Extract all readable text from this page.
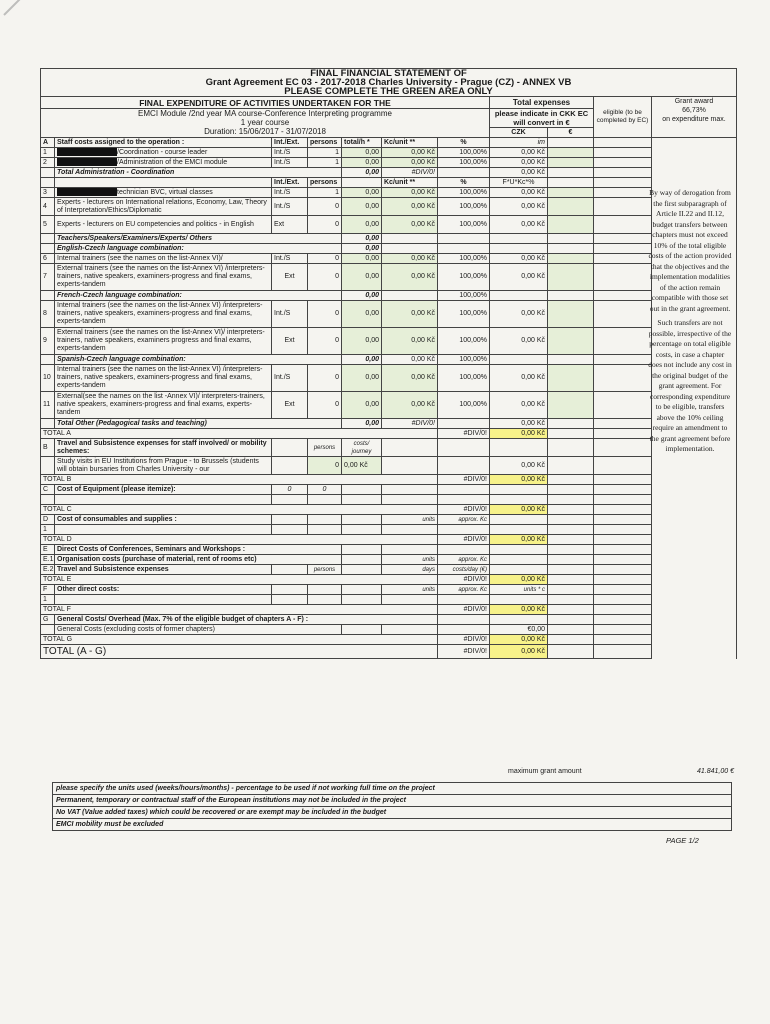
FINAL FINANCIAL STATEMENT OF										
Grant Agreement EC 03 - 2017-2018 Charles University - Prague (CZ) - ANNEX VB										
PLEASE COMPLETE THE GREEN AREA ONLY										
FINAL EXPENDITURE OF ACTIVITIES UNDERTAKEN FOR THE							Total expenses		eligible (to be completed by EC)	Grant award
66,73%
on expenditure max.

EMCI Module /2nd year MA course-Conference Interpreting programme							please indicate in CKK EC will convert in €			
1 year course										
Duration: 15/06/2017 - 31/07/2018							CZK	€		
A	Staff costs assigned to the operation :	Int./Ext.	persons	total/h *	Kc/unit **	%	im			
1	/Coordination - course leader	Int./S	1	0,00	0,00 Kč	100,00%	0,00 Kč			
2	/Administration of the EMCI module	Int./S	1	0,00	0,00 Kč	100,00%	0,00 Kč			
	Total Administration - Coordination			0,00	#DIV/0!		0,00 Kč			
		Int./Ext.	persons		Kc/unit **	%	F*U*Kc*%			
3	technician BVC, virtual classes	Int./S	1	0,00	0,00 Kč	100,00%	0,00 Kč			
4	Experts - lecturers on International relations, Economy, Law, Theory of Interpretation/Ethics/Diplomatic	Int./S	0	0,00	0,00 Kč	100,00%	0,00 Kč			
5	Experts - lecturers on EU competencies and politics - in English	Ext	0	0,00	0,00 Kč	100,00%	0,00 Kč			
	Teachers/Speakers/Examiners/Experts/ Others			0,00						
	English-Czech language combination:			0,00						
6	Internal trainers (see the names on the list-Annex VI)/	Int./S	0	0,00	0,00 Kč	100,00%	0,00 Kč			
7	External trainers (see the names on the list-Annex VI) /interpreters-trainers, native speakers, examiners-progress and final exams, experts-tandem	Ext	0	0,00	0,00 Kč	100,00%	0,00 Kč			
	French-Czech language combination:			0,00		100,00%				
8	Internal trainers (see the names on the list-Annex VI) /interpreters-trainers, native speakers, examiners-progress and final exams, experts-tandem	Int./S	0	0,00	0,00 Kč	100,00%	0,00 Kč			
9	External trainers (see the names on the list-Annex VI)/ interpreters-trainers, native speakers, examiners progress and final exams, experts-tandem	Ext	0	0,00	0,00 Kč	100,00%	0,00 Kč			
	Spanish-Czech language combination:			0,00	0,00 Kč	100,00%				
10	Internal trainers (see the names on the list-Annex VI) /interpreters-trainers, native speakers, examiners-progress and final exams, experts-tandem	Int./S	0	0,00	0,00 Kč	100,00%	0,00 Kč			
11	External(see the names on the list -Annex VI)/ interpreters-trainers, native speakers, examiners-progress and final exams, experts-tandem	Ext	0	0,00	0,00 Kč	100,00%	0,00 Kč			
	Total Other (Pedagogical tasks and teaching)			0,00	#DIV/0!		0,00 Kč			
TOTAL A						#DIV/0!	0,00 Kč			
B	Travel and Subsistence expenses for staff involved/ or mobility schemes:		persons	costs/ journey						
	Study visits in EU Institutions from Prague - to Brussels (students will obtain bursaries from Charles University - our		0	0,00 Kč			0,00 Kč			
TOTAL B						#DIV/0!	0,00 Kč			
C	Cost of Equipment (please itemize):	0	0							

TOTAL C						#DIV/0!	0,00 Kč			
D	Cost of consumables and supplies :				units	approx. Kc				
1										
TOTAL D						#DIV/0!	0,00 Kč			
E	Direct Costs of Conferences, Seminars and Workshops :									
E.1	Organisation costs (purchase of material, rent of rooms etc)				units	approx. Kc				
E.2	Travel and Subsistence expenses		persons		days	costs/day (€)				
TOTAL E						#DIV/0!	0,00 Kč			
F	Other direct costs:				units	approx. Kc	units * c			
1										
TOTAL F						#DIV/0!	0,00 Kč			
G	General Costs/ Overhead (Max. 7% of the eligible budget of chapters A - F) :									
	General Costs (excluding costs of former chapters)						€0,00			
TOTAL G						#DIV/0!	0,00 Kč			
TOTAL (A - G)						#DIV/0!	0,00 Kč			

By way of derogation from the first subparagraph of Article II.22 and II.12, budget transfers between chapters must not exceed 10% of the total eligible costs of the action provided that the objectives and the implementation modalities of the action remain compatible with those set out in the grant agreement.

Such transfers are not possible, irrespective of the percentage on total eligible costs, in case a chapter does not include any cost in the original budget of the grant agreement. For corresponding expenditure to be eligible, transfers above the 10% ceiling require an amendment to the grant agreement before implementation.

maximum grant amount	41.841,00 €
please specify the units used (weeks/hours/months) - percentage to be used if not working full time on the project
Permanent, temporary or contractual staff of the European institutions may not be included in the project
No VAT (Value added taxes) which could be recovered or are exempt may be included in the budget
EMCI mobility must be excluded
PAGE 1/2
